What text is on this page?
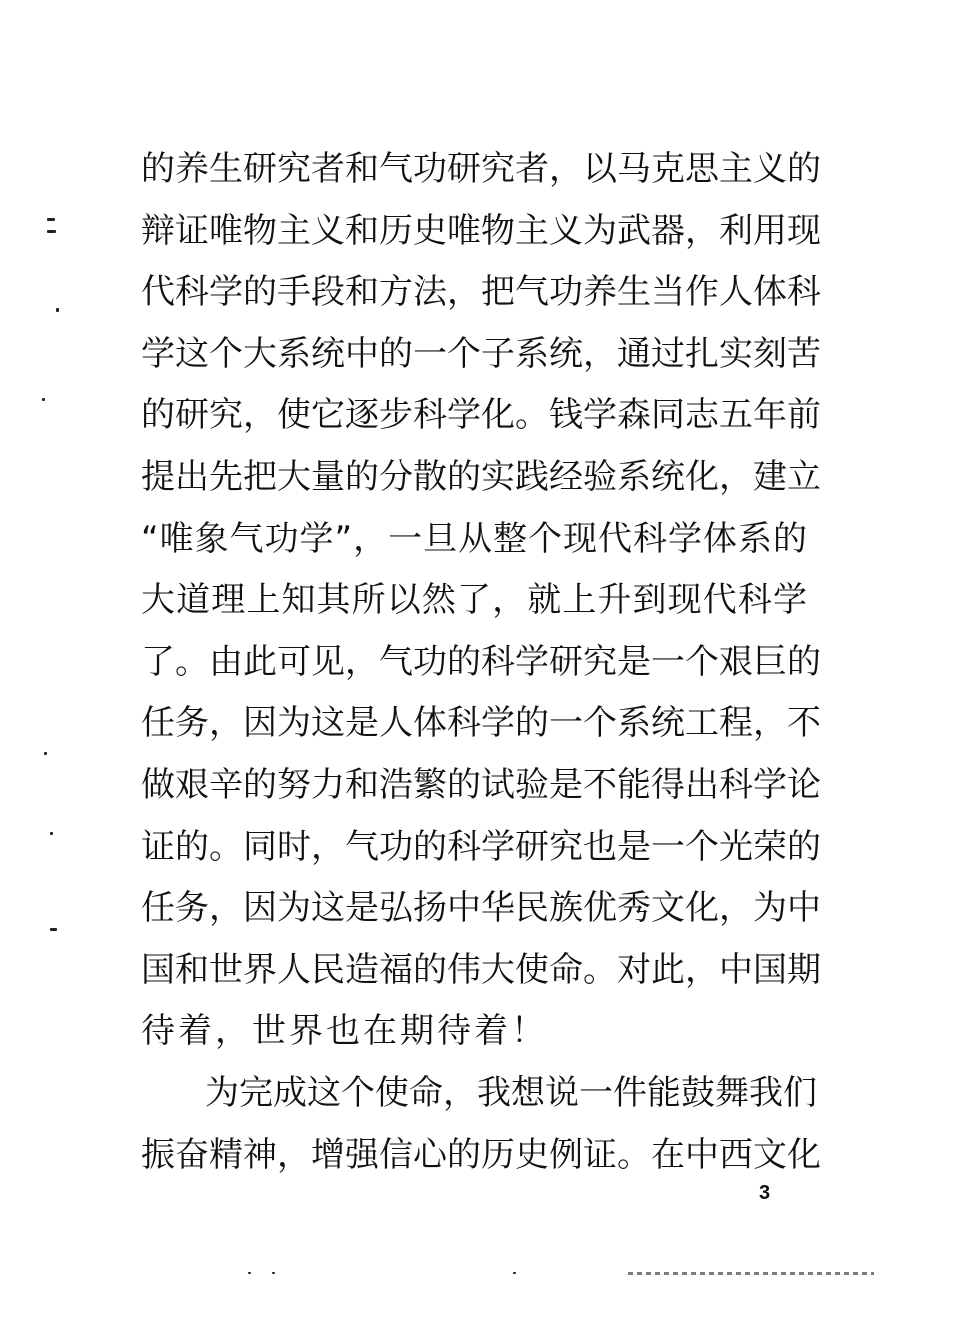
的养生研究者和气功研究者，以马克思主义的
辩证唯物主义和历史唯物主义为武器，利用现
代科学的手段和方法，把气功养生当作人体科
学这个大系统中的一个子系统，通过扎实刻苦
的研究，使它逐步科学化。钱学森同志五年前
提出先把大量的分散的实践经验系统化，建立
“唯象气功学”，一旦从整个现代科学体系的
大道理上知其所以然了，就上升到现代科学
了。由此可见，气功的科学研究是一个艰巨的
任务，因为这是人体科学的一个系统工程，不
做艰辛的努力和浩繁的试验是不能得出科学论
证的。同时，气功的科学研究也是一个光荣的
任务，因为这是弘扬中华民族优秀文化，为中
国和世界人民造福的伟大使命。对此，中国期
待着，世界也在期待着！
为完成这个使命，我想说一件能鼓舞我们
振奋精神，增强信心的历史例证。在中西文化
3
